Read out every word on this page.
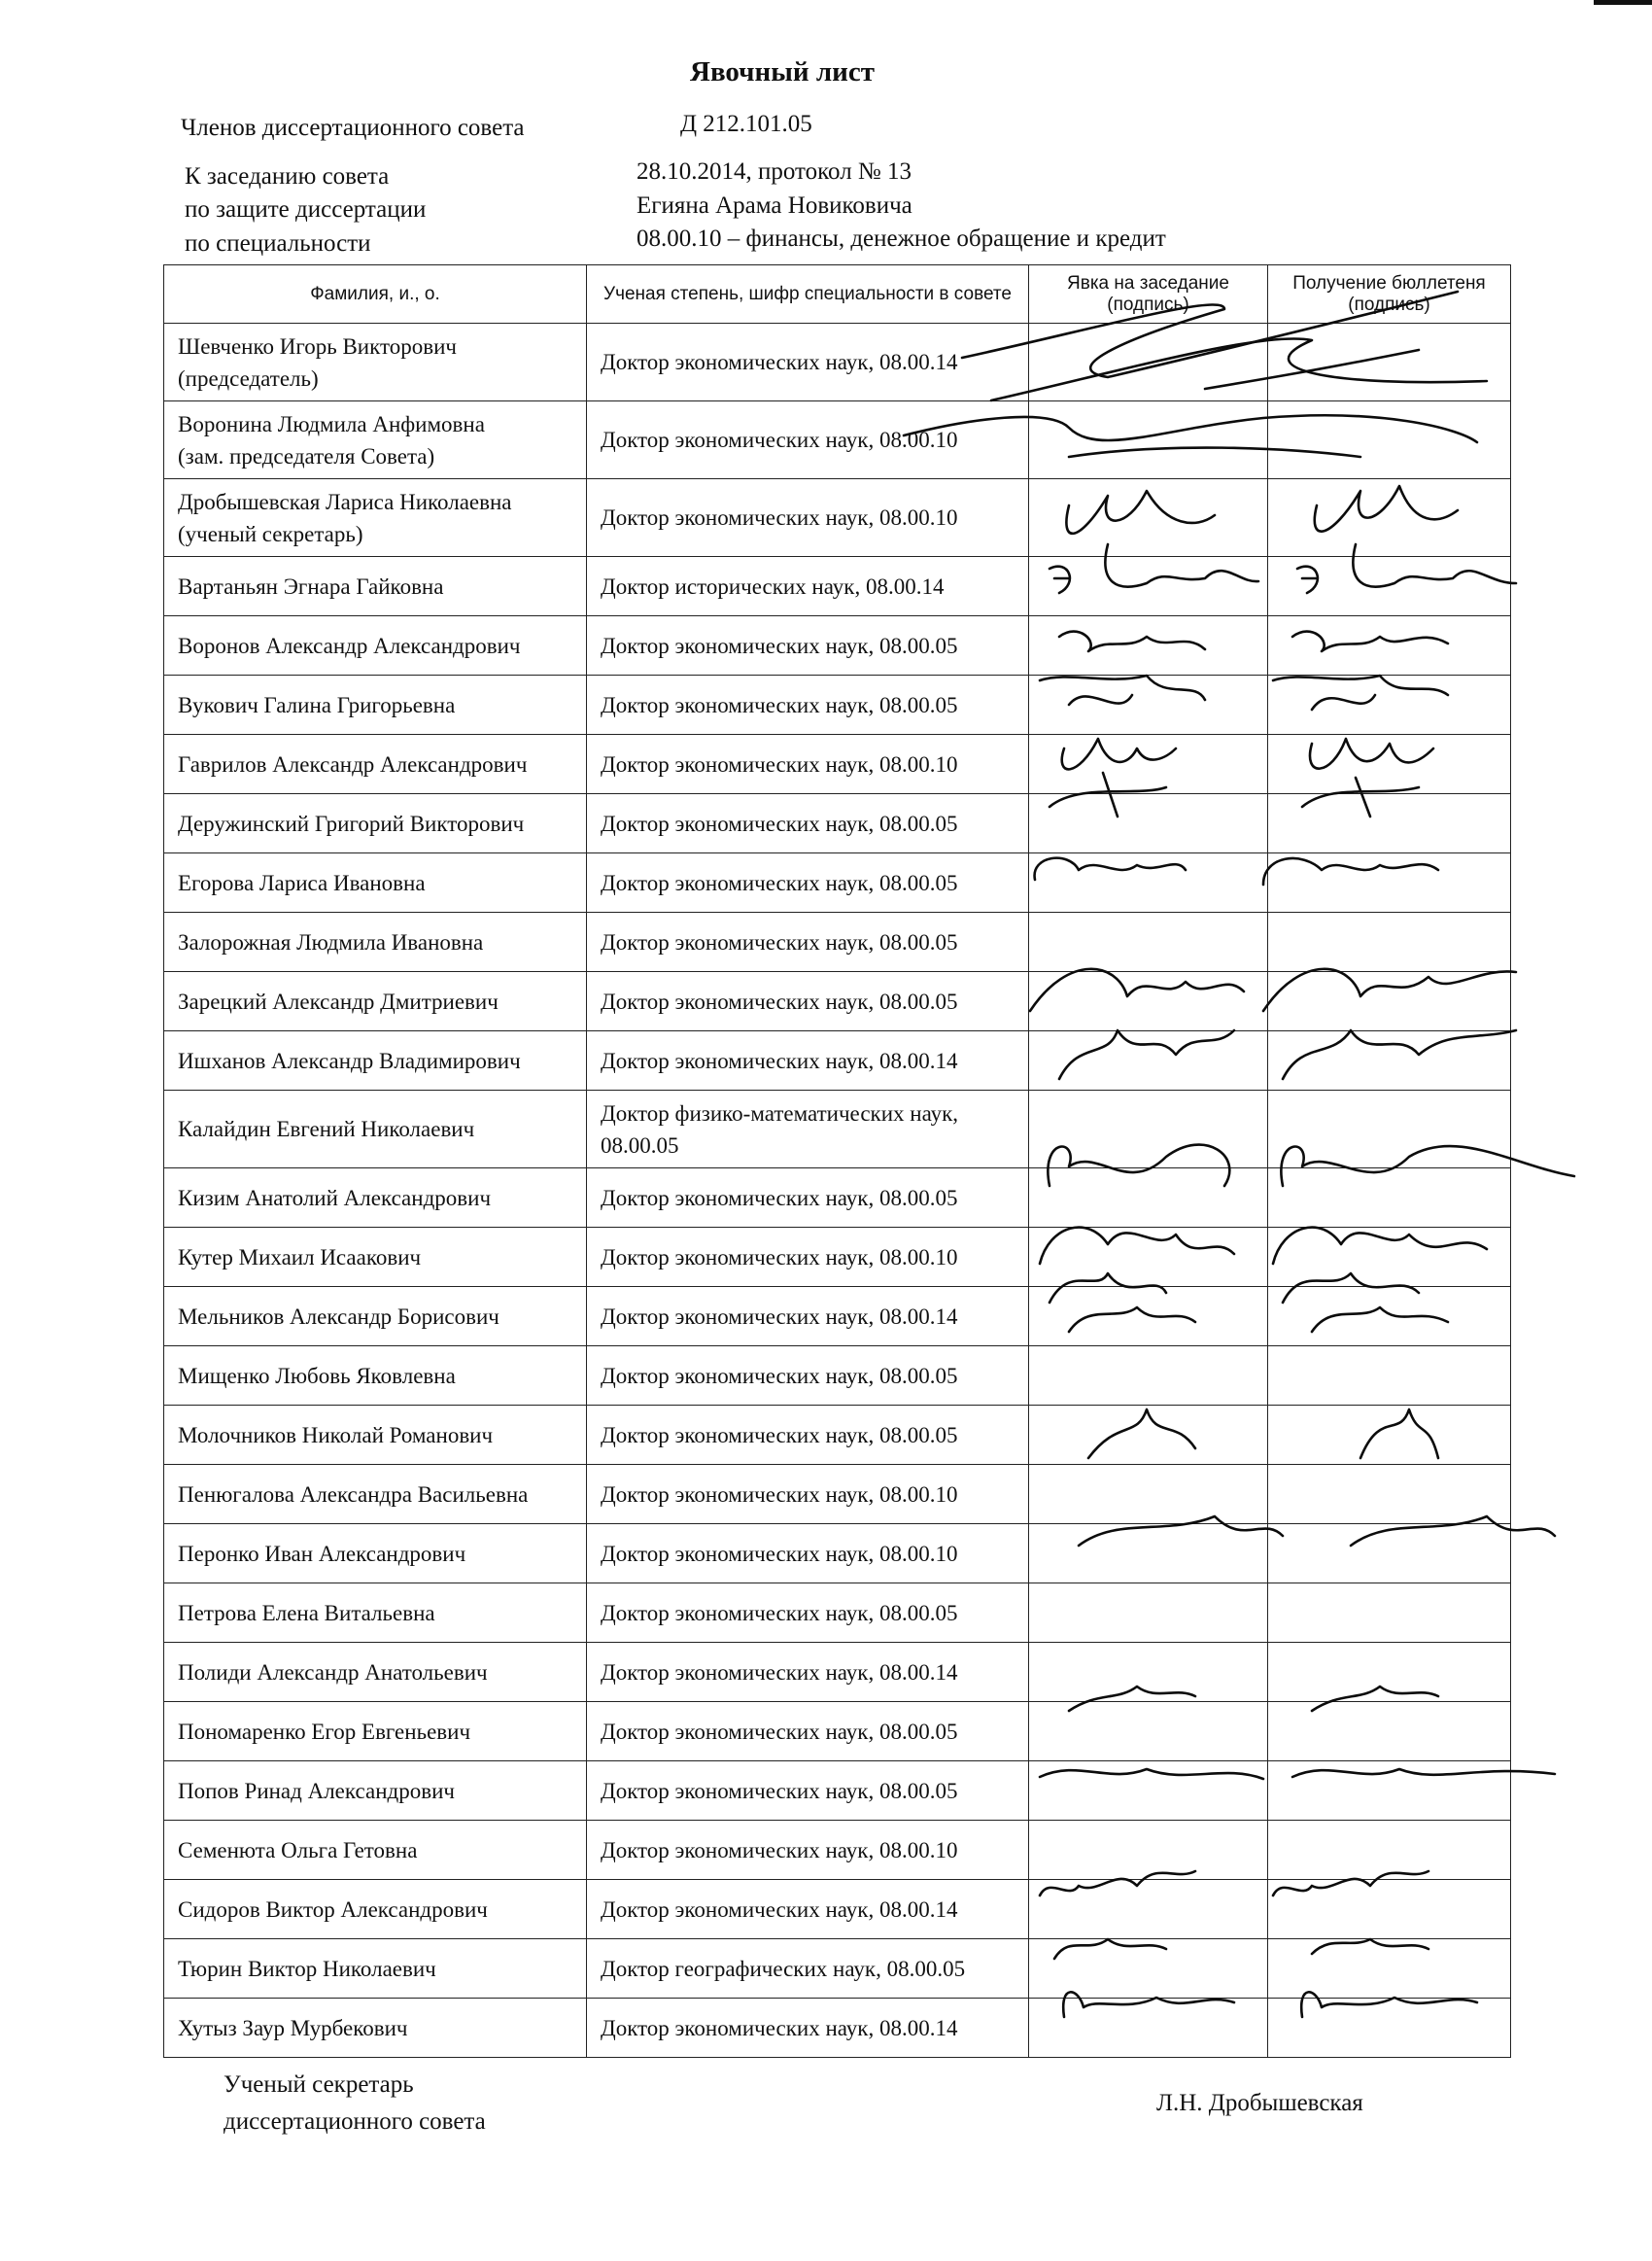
Явочный лист
Членов диссертационного совета	Д 212.101.05
К заседанию совета	28.10.2014, протокол № 13
по защите диссертации	Егияна Арама Новиковича
по специальности	08.00.10 – финансы, денежное обращение и кредит
Фамилия, и., о.	Ученая степень, шифр специальности в совете	Явка на заседание (подпись)	Получение бюллетеня (подпись)

Шевченко Игорь Викторович
(председатель)	Доктор экономических наук, 08.00.14		

Воронина Людмила Анфимовна
(зам. председателя Совета)	Доктор экономических наук, 08.00.10		

Дробышевская Лариса Николаевна
(ученый секретарь)	Доктор экономических наук, 08.00.10		

Вартаньян Эгнара Гайковна	Доктор исторических наук, 08.00.14		

Воронов Александр Александрович	Доктор экономических наук, 08.00.05		

Вукович Галина Григорьевна	Доктор экономических наук, 08.00.05		

Гаврилов Александр Александрович	Доктор экономических наук, 08.00.10		

Деружинский Григорий Викторович	Доктор экономических наук, 08.00.05		

Егорова Лариса Ивановна	Доктор экономических наук, 08.00.05		

Залорожная Людмила Ивановна	Доктор экономических наук, 08.00.05		

Зарецкий Александр Дмитриевич	Доктор экономических наук, 08.00.05		

Ишханов Александр Владимирович	Доктор экономических наук, 08.00.14		

Калайдин Евгений Николаевич	Доктор физико-математических наук, 08.00.05		

Кизим Анатолий Александрович	Доктор экономических наук, 08.00.05		

Кутер Михаил Исаакович	Доктор экономических наук, 08.00.10		

Мельников Александр Борисович	Доктор экономических наук, 08.00.14		

Мищенко Любовь Яковлевна	Доктор экономических наук, 08.00.05		

Молочников Николай Романович	Доктор экономических наук, 08.00.05		

Пенюгалова Александра Васильевна	Доктор экономических наук, 08.00.10		

Перонко Иван Александрович	Доктор экономических наук, 08.00.10		

Петрова Елена Витальевна	Доктор экономических наук, 08.00.05		

Полиди Александр Анатольевич	Доктор экономических наук, 08.00.14		

Пономаренко Егор Евгеньевич	Доктор экономических наук, 08.00.05		

Попов Ринад Александрович	Доктор экономических наук, 08.00.05		

Семенюта Ольга Гетовна	Доктор экономических наук, 08.00.10		

Сидоров Виктор Александрович	Доктор экономических наук, 08.00.14		

Тюрин Виктор Николаевич	Доктор географических наук, 08.00.05		

Хутыз Заур Мурбекович	Доктор экономических наук, 08.00.14		
Ученый секретарь
диссертационного совета
Л.Н. Дробышевская
